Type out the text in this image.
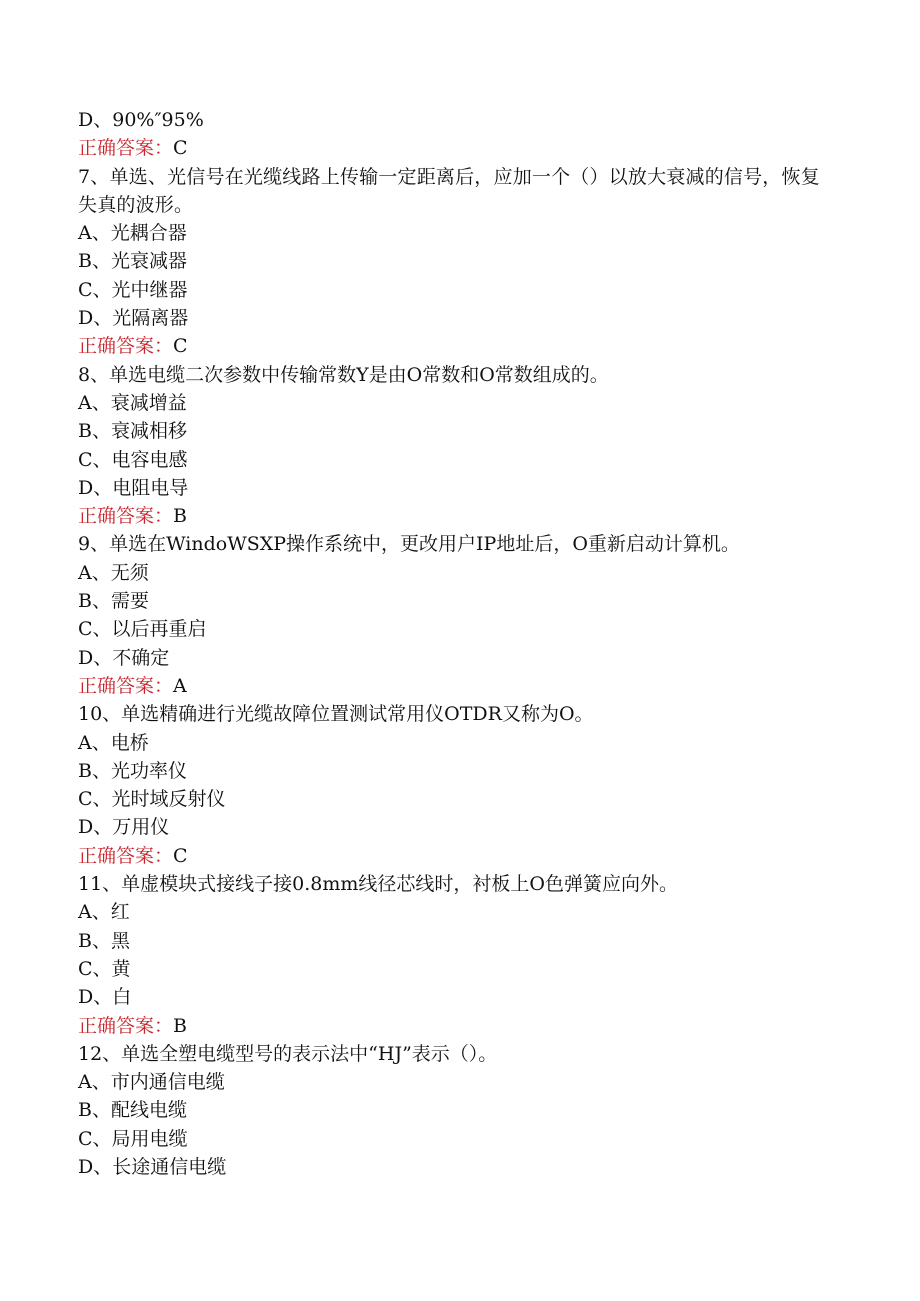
D、90%″95%

正确答案：C

7、单选、光信号在光缆线路上传输一定距离后，应加一个（）以放大衰减的信号，恢复失真的波形。

A、光耦合器

B、光衰减器

C、光中继器

D、光隔离器

正确答案：C

8、单选电缆二次参数中传输常数Y是由O常数和O常数组成的。

A、衰减增益

B、衰减相移

C、电容电感

D、电阻电导

正确答案：B

9、单选在WindoWSXP操作系统中，更改用户IP地址后，O重新启动计算机。

A、无须

B、需要

C、以后再重启

D、不确定

正确答案：A

10、单选精确进行光缆故障位置测试常用仪OTDR又称为O。

A、电桥

B、光功率仪

C、光时域反射仪

D、万用仪

正确答案：C

11、单虚模块式接线子接0.8mm线径芯线时，衬板上O色弹簧应向外。

A、红

B、黑

C、黄

D、白

正确答案：B

12、单选全塑电缆型号的表示法中“HJ”表示（）。

A、市内通信电缆

B、配线电缆

C、局用电缆

D、长途通信电缆
